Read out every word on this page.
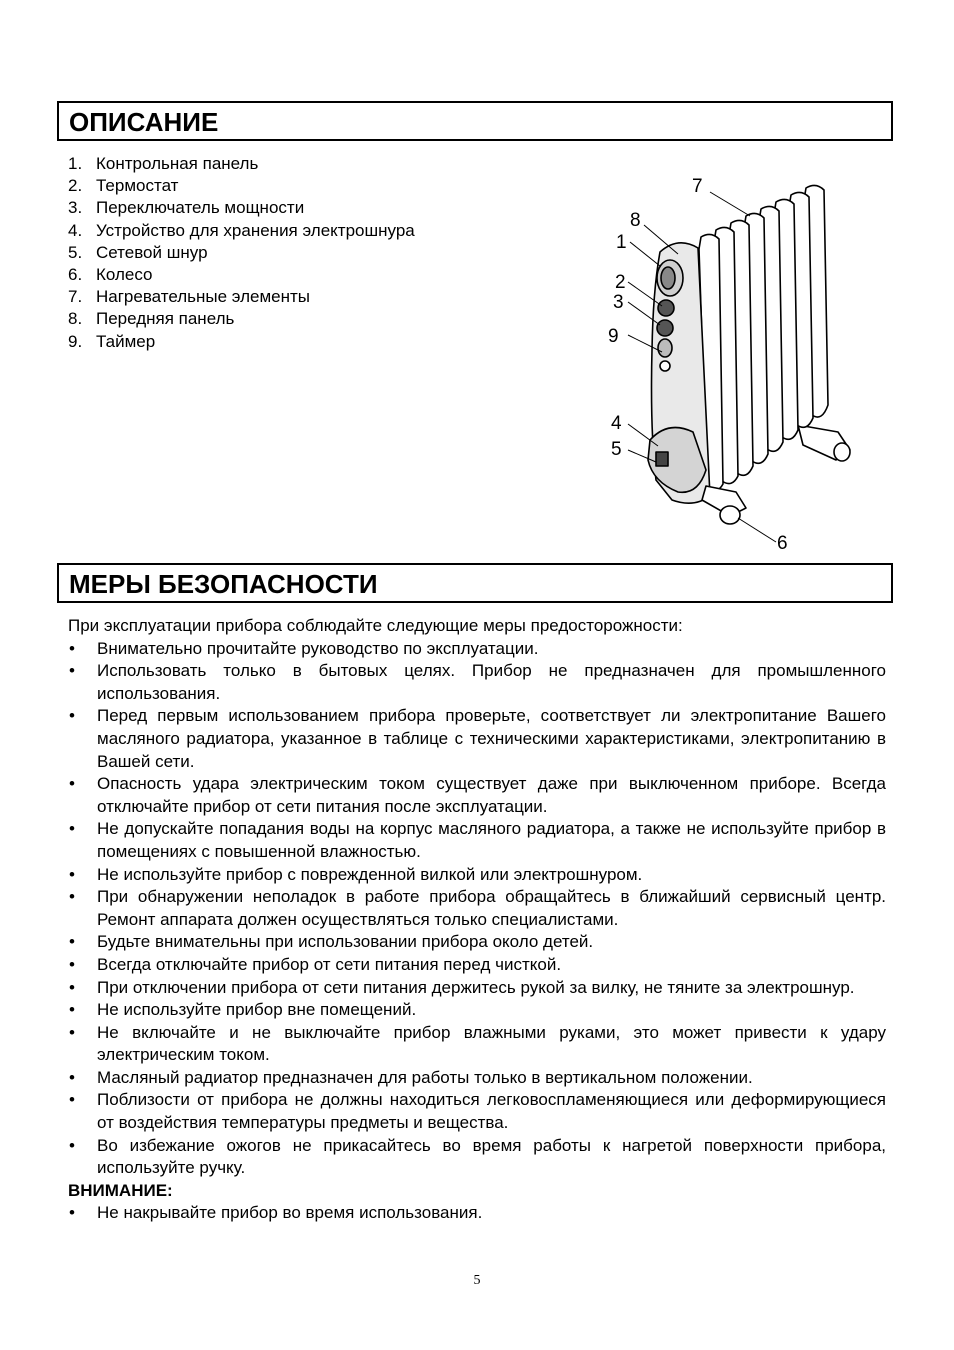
ОПИСАНИЕ
1. Контрольная панель
2. Термостат
3. Переключатель мощности
4. Устройство для хранения электрошнура
5. Сетевой шнур
6. Колесо
7. Нагревательные элементы
8. Передняя панель
9. Таймер
7
8
1
2
3
9
4
5
6
МЕРЫ БЕЗОПАСНОСТИ

При эксплуатации прибора соблюдайте следующие меры предосторожности:

• Внимательно прочитайте руководство по эксплуатации.
• Использовать только в бытовых целях. Прибор не предназначен для промышленного использования.
• Перед первым использованием прибора проверьте, соответствует ли электропитание Вашего масляного радиатора, указанное в таблице с техническими характеристиками, электропитанию в Вашей сети.
• Опасность удара электрическим током существует даже при выключенном приборе. Всегда отключайте прибор от сети питания после эксплуатации.
• Не допускайте попадания воды на корпус масляного радиатора, а также не используйте прибор в помещениях с повышенной влажностью.
• Не используйте прибор с поврежденной вилкой или электрошнуром.
• При обнаружении неполадок в работе прибора обращайтесь в ближайший сервисный центр. Ремонт аппарата должен осуществляться только специалистами.
• Будьте внимательны при использовании прибора около детей.
• Всегда отключайте прибор от сети питания перед чисткой.
• При отключении прибора от сети питания держитесь рукой за вилку, не тяните за электрошнур.
• Не используйте прибор вне помещений.
• Не включайте и не выключайте прибор влажными руками, это может привести к удару электрическим током.
• Масляный радиатор предназначен для работы только в вертикальном положении.
• Поблизости от прибора не должны находиться легковоспламеняющиеся или деформирующиеся от воздействия температуры предметы и вещества.
• Во избежание ожогов не прикасайтесь во время работы к нагретой поверхности прибора, используйте ручку.

ВНИМАНИЕ:

• Не накрывайте прибор во время использования.
5
